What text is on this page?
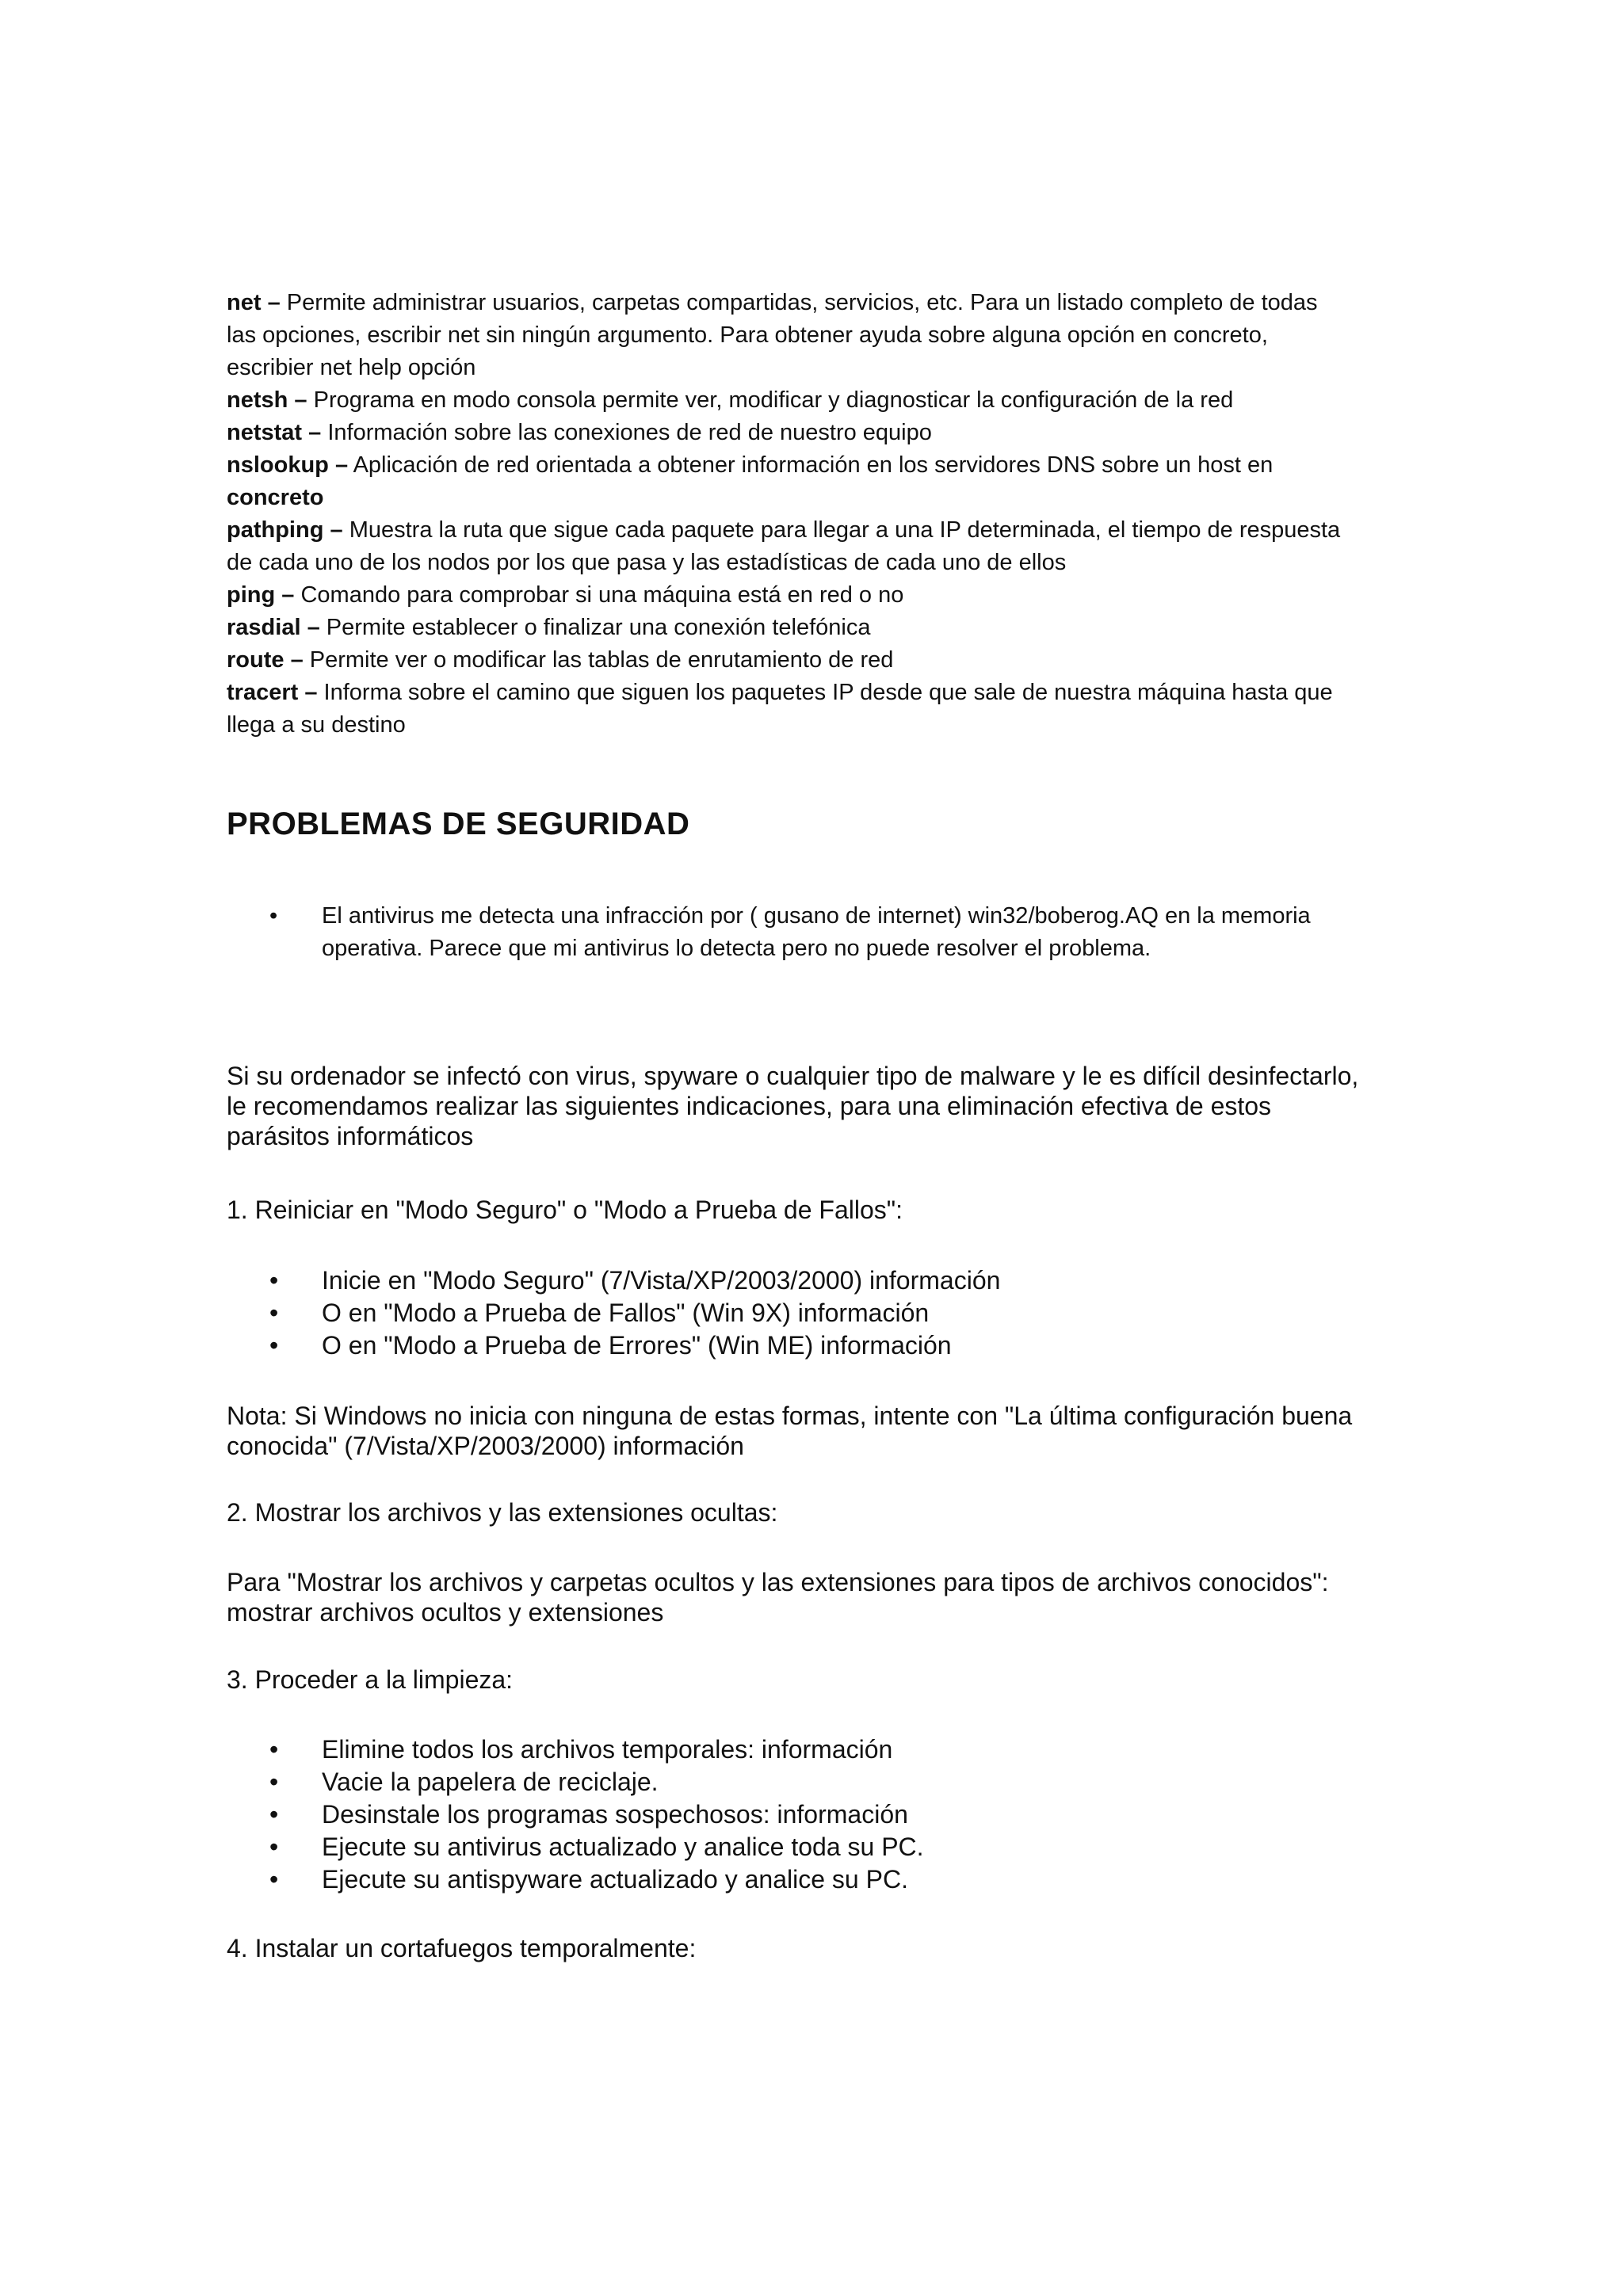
net – Permite administrar usuarios, carpetas compartidas, servicios, etc. Para un listado completo de todas
las opciones, escribir net sin ningún argumento. Para obtener ayuda sobre alguna opción en concreto,
escribier net help opción
netsh – Programa en modo consola permite ver, modificar y diagnosticar la configuración de la red
netstat – Información sobre las conexiones de red de nuestro equipo
nslookup – Aplicación de red orientada a obtener información en los servidores DNS sobre un host en
concreto
pathping – Muestra la ruta que sigue cada paquete para llegar a una IP determinada, el tiempo de respuesta
de cada uno de los nodos por los que pasa y las estadísticas de cada uno de ellos
ping – Comando para comprobar si una máquina está en red o no
rasdial – Permite establecer o finalizar una conexión telefónica
route – Permite ver o modificar las tablas de enrutamiento de red
tracert – Informa sobre el camino que siguen los paquetes IP desde que sale de nuestra máquina hasta que
llega a su destino
PROBLEMAS DE SEGURIDAD
• El antivirus me detecta una infracción por ( gusano de internet) win32/boberog.AQ en la memoria
operativa. Parece que mi antivirus lo detecta pero no puede resolver el problema.
Si su ordenador se infectó con virus, spyware o cualquier tipo de malware y le es difícil desinfectarlo,
le recomendamos realizar las siguientes indicaciones, para una eliminación efectiva de estos
parásitos informáticos
1. Reiniciar en "Modo Seguro" o "Modo a Prueba de Fallos":
• Inicie en "Modo Seguro" (7/Vista/XP/2003/2000) información
• O en "Modo a Prueba de Fallos" (Win 9X) información
• O en "Modo a Prueba de Errores" (Win ME) información
Nota: Si Windows no inicia con ninguna de estas formas, intente con "La última configuración buena
conocida" (7/Vista/XP/2003/2000) información
2. Mostrar los archivos y las extensiones ocultas:
Para "Mostrar los archivos y carpetas ocultos y las extensiones para tipos de archivos conocidos":
mostrar archivos ocultos y extensiones
3. Proceder a la limpieza:
• Elimine todos los archivos temporales: información
• Vacie la papelera de reciclaje.
• Desinstale los programas sospechosos: información
• Ejecute su antivirus actualizado y analice toda su PC.
• Ejecute su antispyware actualizado y analice su PC.
4. Instalar un cortafuegos temporalmente:
